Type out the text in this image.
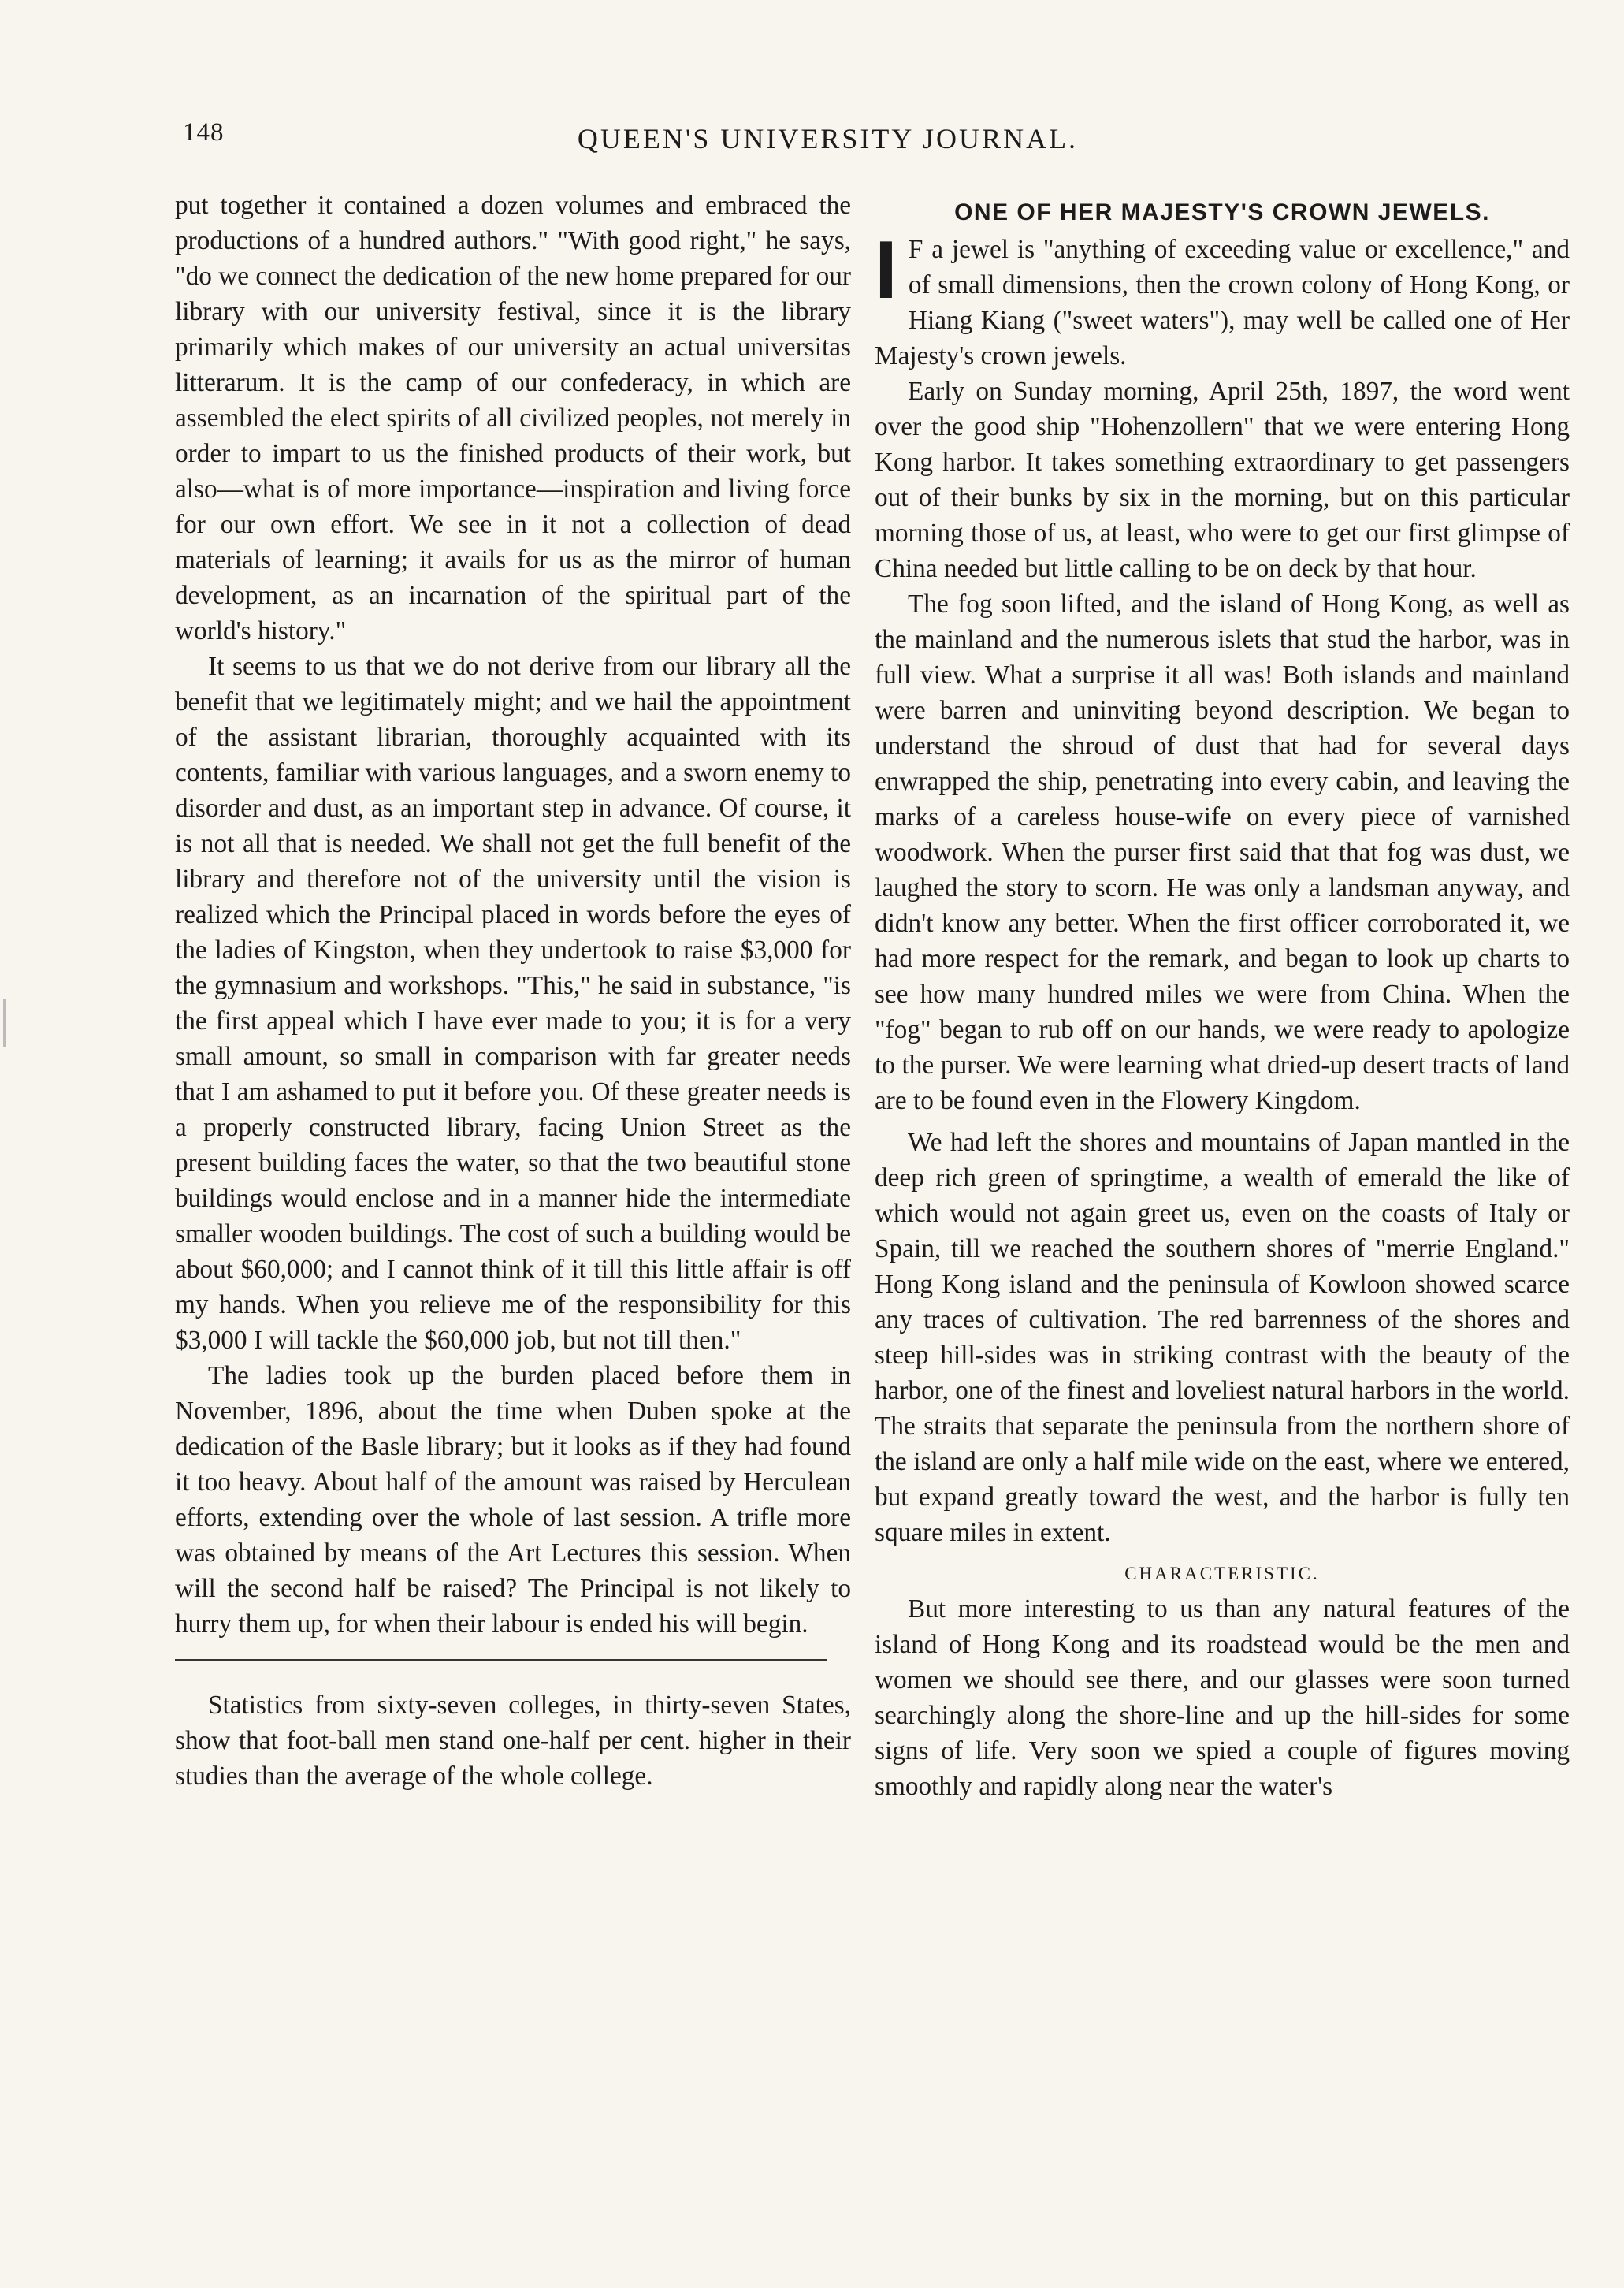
148	QUEEN'S UNIVERSITY JOURNAL.

put together it contained a dozen volumes and embraced the productions of a hundred authors." "With good right," he says, "do we connect the dedication of the new home prepared for our library with our university festival, since it is the library primarily which makes of our university an actual universitas litterarum. It is the camp of our confederacy, in which are assembled the elect spirits of all civilized peoples, not merely in order to impart to us the finished products of their work, but also—what is of more importance—inspiration and living force for our own effort. We see in it not a collection of dead materials of learning; it avails for us as the mirror of human development, as an incarnation of the spiritual part of the world's history."

It seems to us that we do not derive from our library all the benefit that we legitimately might; and we hail the appointment of the assistant librarian, thoroughly acquainted with its contents, familiar with various languages, and a sworn enemy to disorder and dust, as an important step in advance. Of course, it is not all that is needed. We shall not get the full benefit of the library and therefore not of the university until the vision is realized which the Principal placed in words before the eyes of the ladies of Kingston, when they undertook to raise $3,000 for the gymnasium and workshops. "This," he said in substance, "is the first appeal which I have ever made to you; it is for a very small amount, so small in comparison with far greater needs that I am ashamed to put it before you. Of these greater needs is a properly constructed library, facing Union Street as the present building faces the water, so that the two beautiful stone buildings would enclose and in a manner hide the intermediate smaller wooden buildings. The cost of such a building would be about $60,000; and I cannot think of it till this little affair is off my hands. When you relieve me of the responsibility for this $3,000 I will tackle the $60,000 job, but not till then."

The ladies took up the burden placed before them in November, 1896, about the time when Duben spoke at the dedication of the Basle library; but it looks as if they had found it too heavy. About half of the amount was raised by Herculean efforts, extending over the whole of last session. A trifle more was obtained by means of the Art Lectures this session. When will the second half be raised? The Principal is not likely to hurry them up, for when their labour is ended his will begin.

Statistics from sixty-seven colleges, in thirty-seven States, show that foot-ball men stand one-half per cent. higher in their studies than the average of the whole college.

ONE OF HER MAJESTY'S CROWN JEWELS.

I F a jewel is "anything of exceeding value or excellence," and of small dimensions, then the crown colony of Hong Kong, or Hiang Kiang ("sweet waters"), may well be called one of Her Majesty's crown jewels.

Early on Sunday morning, April 25th, 1897, the word went over the good ship "Hohenzollern" that we were entering Hong Kong harbor. It takes something extraordinary to get passengers out of their bunks by six in the morning, but on this particular morning those of us, at least, who were to get our first glimpse of China needed but little calling to be on deck by that hour.

The fog soon lifted, and the island of Hong Kong, as well as the mainland and the numerous islets that stud the harbor, was in full view. What a surprise it all was! Both islands and mainland were barren and uninviting beyond description. We began to understand the shroud of dust that had for several days enwrapped the ship, penetrating into every cabin, and leaving the marks of a careless house-wife on every piece of varnished woodwork. When the purser first said that that fog was dust, we laughed the story to scorn. He was only a landsman anyway, and didn't know any better. When the first officer corroborated it, we had more respect for the remark, and began to look up charts to see how many hundred miles we were from China. When the "fog" began to rub off on our hands, we were ready to apologize to the purser. We were learning what dried-up desert tracts of land are to be found even in the Flowery Kingdom.

We had left the shores and mountains of Japan mantled in the deep rich green of springtime, a wealth of emerald the like of which would not again greet us, even on the coasts of Italy or Spain, till we reached the southern shores of "merrie England." Hong Kong island and the peninsula of Kowloon showed scarce any traces of cultivation. The red barrenness of the shores and steep hill-sides was in striking contrast with the beauty of the harbor, one of the finest and loveliest natural harbors in the world. The straits that separate the peninsula from the northern shore of the island are only a half mile wide on the east, where we entered, but expand greatly toward the west, and the harbor is fully ten square miles in extent.

CHARACTERISTIC.

But more interesting to us than any natural features of the island of Hong Kong and its roadstead would be the men and women we should see there, and our glasses were soon turned searchingly along the shore-line and up the hill-sides for some signs of life. Very soon we spied a couple of figures moving smoothly and rapidly along near the water's
